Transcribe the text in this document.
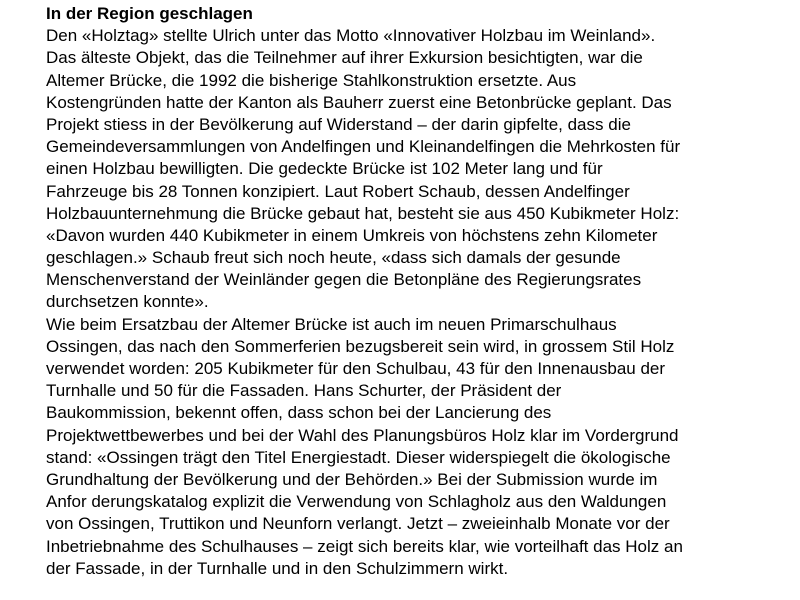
In der Region geschlagen
Den «Holztag» stellte Ulrich unter das Motto «Innovativer Holzbau im Weinland».
Das älteste Objekt, das die Teilnehmer auf ihrer Exkursion besichtigten, war die
Altemer Brücke, die 1992 die bisherige Stahlkonstruktion ersetzte. Aus
Kostengründen hatte der Kanton als Bauherr zuerst eine Betonbrücke geplant. Das
Projekt stiess in der Bevölkerung auf Widerstand – der darin gipfelte, dass die
Gemeindeversammlungen von Andelfingen und Kleinandelfingen die Mehrkosten für
einen Holzbau bewilligten. Die gedeckte Brücke ist 102 Meter lang und für
Fahrzeuge bis 28 Tonnen konzipiert. Laut Robert Schaub, dessen Andelfinger
Holzbauunternehmung die Brücke gebaut hat, besteht sie aus 450 Kubikmeter Holz:
«Davon wurden 440 Kubikmeter in einem Umkreis von höchstens zehn Kilometer
geschlagen.» Schaub freut sich noch heute, «dass sich damals der gesunde
Menschenverstand der Weinländer gegen die Betonpläne des Regierungsrates
durchsetzen konnte».
Wie beim Ersatzbau der Altemer Brücke ist auch im neuen Primarschulhaus
Ossingen, das nach den Sommerferien bezugsbereit sein wird, in grossem Stil Holz
verwendet worden: 205 Kubikmeter für den Schulbau, 43 für den Innenausbau der
Turnhalle und 50 für die Fassaden. Hans Schurter, der Präsident der
Baukommission, bekennt offen, dass schon bei der Lancierung des
Projektwettbewerbes und bei der Wahl des Planungsbüros Holz klar im Vordergrund
stand: «Ossingen trägt den Titel Energiestadt. Dieser widerspiegelt die ökologische
Grundhaltung der Bevölkerung und der Behörden.» Bei der Submission wurde im
Anfor derungskatalog explizit die Verwendung von Schlagholz aus den Waldungen
von Ossingen, Truttikon und Neunforn verlangt. Jetzt – zweieinhalb Monate vor der
Inbetriebnahme des Schulhauses – zeigt sich bereits klar, wie vorteilhaft das Holz an
der Fassade, in der Turnhalle und in den Schulzimmern wirkt.
